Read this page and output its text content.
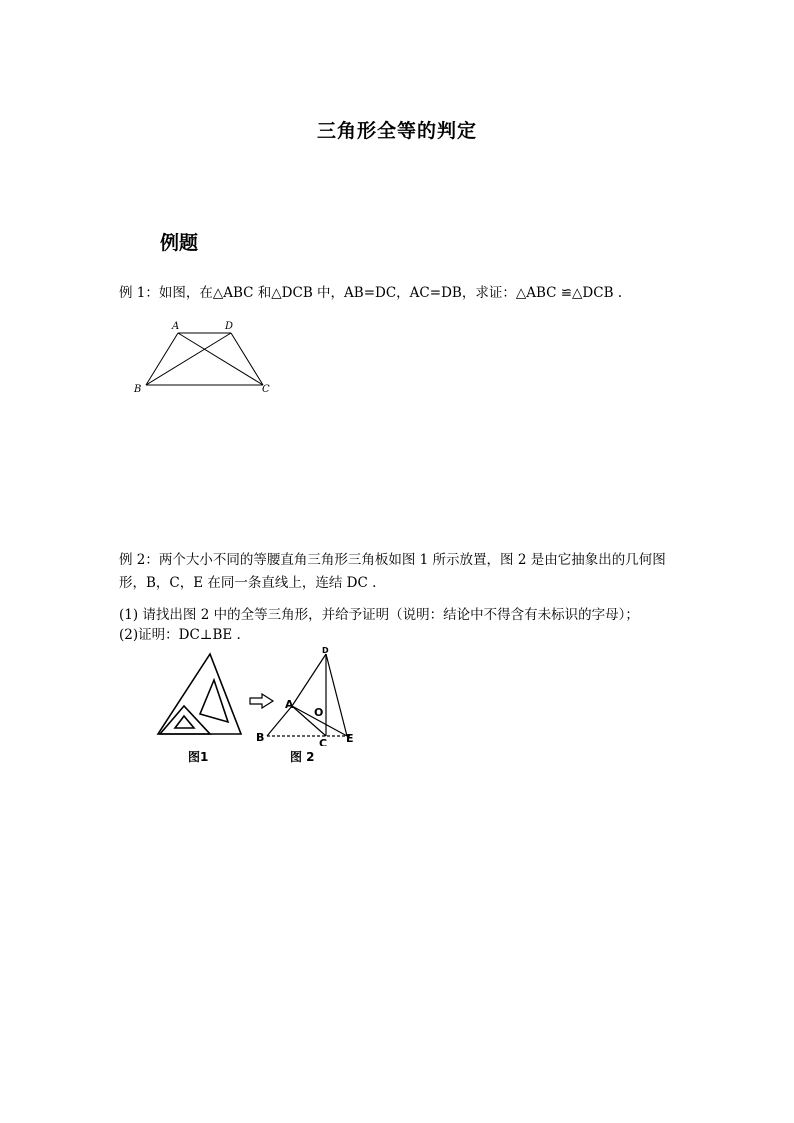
三角形全等的判定
例题
例 1：如图，在△ABC 和△DCB 中，AB=DC，AC=DB，求证：△ABC ≌△DCB .
A	D
B	C
例 2：两个大小不同的等腰直角三角形三角板如图 1 所示放置，图 2 是由它抽象出的几何图
形，B，C，E 在同一条直线上，连结 DC .
(1) 请找出图 2 中的全等三角形，并给予证明（说明：结论中不得含有未标识的字母）；
(2)证明：DC⊥BE .
图1
A
O
B	C E
D
图 2
